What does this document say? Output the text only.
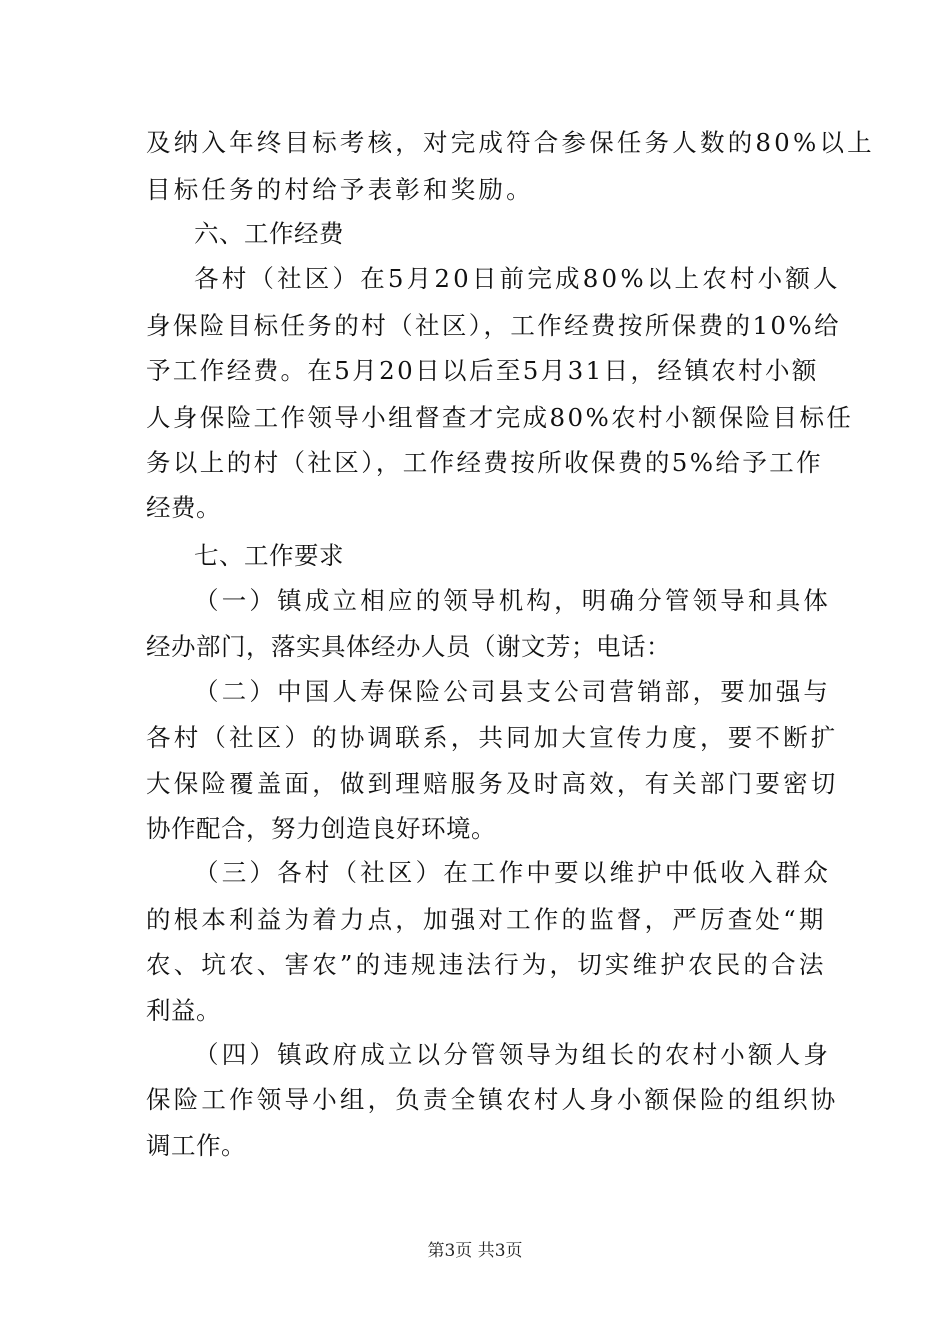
及纳入年终目标考核，对完成符合参保任务人数的80%以上
目标任务的村给予表彰和奖励。
六、工作经费
各村（社区）在5月20日前完成80%以上农村小额人
身保险目标任务的村（社区），工作经费按所保费的10%给
予工作经费。在5月20日以后至5月31日，经镇农村小额
人身保险工作领导小组督查才完成80%农村小额保险目标任
务以上的村（社区），工作经费按所收保费的5%给予工作
经费。
七、工作要求
（一）镇成立相应的领导机构，明确分管领导和具体
经办部门，落实具体经办人员（谢文芳；电话：
（二）中国人寿保险公司县支公司营销部，要加强与
各村（社区）的协调联系，共同加大宣传力度，要不断扩
大保险覆盖面，做到理赔服务及时高效，有关部门要密切
协作配合，努力创造良好环境。
（三）各村（社区）在工作中要以维护中低收入群众
的根本利益为着力点，加强对工作的监督，严厉查处“期
农、坑农、害农”的违规违法行为，切实维护农民的合法
利益。
（四）镇政府成立以分管领导为组长的农村小额人身
保险工作领导小组，负责全镇农村人身小额保险的组织协
调工作。
第3页 共3页
